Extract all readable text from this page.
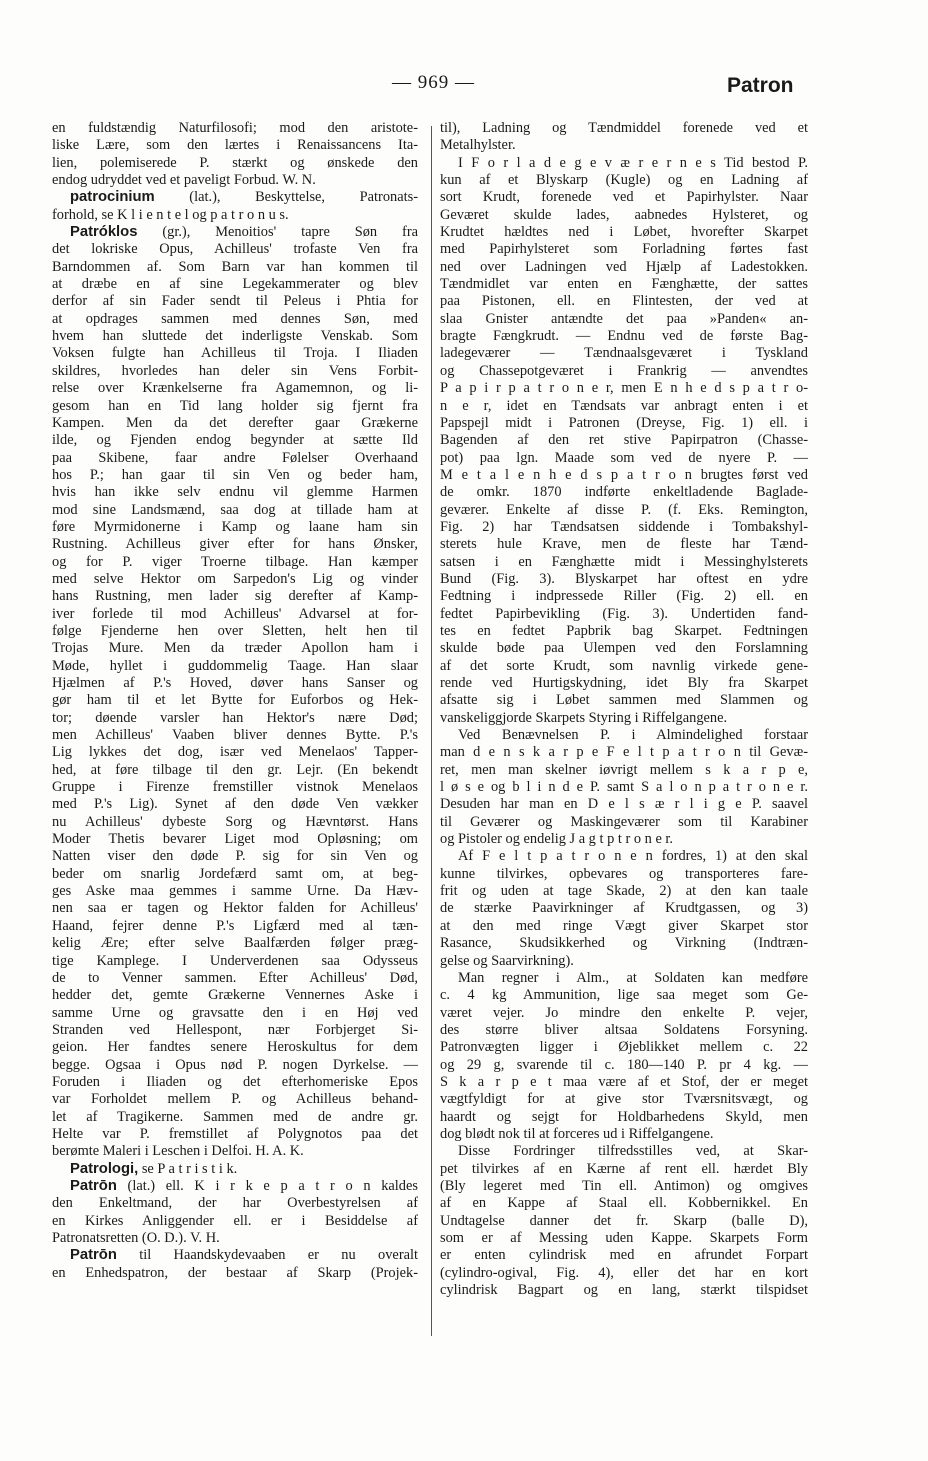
— 969 —	Patron
en fuldstændig Naturfilosofi; mod den aristote-
liske Lære, som den lærtes i Renaissancens Ita-
lien, polemiserede P. stærkt og ønskede den
endog udryddet ved et paveligt Forbud. W. N.
patrocinium (lat.), Beskyttelse, Patronats-
forhold, se K l i e n t e l og p a t r o n u s.
Patróklos (gr.), Menoitios' tapre Søn fra
det lokriske Opus, Achilleus' trofaste Ven fra
Barndommen af. Som Barn var han kommen til
at dræbe en af sine Legekammerater og blev
derfor af sin Fader sendt til Peleus i Phtia for
at opdrages sammen med dennes Søn, med
hvem han sluttede det inderligste Venskab. Som
Voksen fulgte han Achilleus til Troja. I Iliaden
skildres, hvorledes han deler sin Vens Forbit-
relse over Krænkelserne fra Agamemnon, og li-
gesom han en Tid lang holder sig fjernt fra
Kampen. Men da det derefter gaar Grækerne
ilde, og Fjenden endog begynder at sætte Ild
paa Skibene, faar andre Følelser Overhaand
hos P.; han gaar til sin Ven og beder ham,
hvis han ikke selv endnu vil glemme Harmen
mod sine Landsmænd, saa dog at tillade ham at
føre Myrmidonerne i Kamp og laane ham sin
Rustning. Achilleus giver efter for hans Ønsker,
og for P. viger Troerne tilbage. Han kæmper
med selve Hektor om Sarpedon's Lig og vinder
hans Rustning, men lader sig derefter af Kamp-
iver forlede til mod Achilleus' Advarsel at for-
følge Fjenderne hen over Sletten, helt hen til
Trojas Mure. Men da træder Apollon ham i
Møde, hyllet i guddommelig Taage. Han slaar
Hjælmen af P.'s Hoved, døver hans Sanser og
gør ham til et let Bytte for Euforbos og Hek-
tor; døende varsler han Hektor's nære Død;
men Achilleus' Vaaben bliver dennes Bytte. P.'s
Lig lykkes det dog, især ved Menelaos' Tapper-
hed, at føre tilbage til den gr. Lejr. (En bekendt
Gruppe i Firenze fremstiller vistnok Menelaos
med P.'s Lig). Synet af den døde Ven vækker
nu Achilleus' dybeste Sorg og Hævntørst. Hans
Moder Thetis bevarer Liget mod Opløsning; om
Natten viser den døde P. sig for sin Ven og
beder om snarlig Jordefærd samt om, at beg-
ges Aske maa gemmes i samme Urne. Da Hæv-
nen saa er tagen og Hektor falden for Achilleus'
Haand, fejrer denne P.'s Ligfærd med al tæn-
kelig Ære; efter selve Baalfærden følger præg-
tige Kamplege. I Underverdenen saa Odysseus
de to Venner sammen. Efter Achilleus' Død,
hedder det, gemte Grækerne Vennernes Aske i
samme Urne og gravsatte den i en Høj ved
Stranden ved Hellespont, nær Forbjerget Si-
geion. Her fandtes senere Heroskultus for dem
begge. Ogsaa i Opus nød P. nogen Dyrkelse. —
Foruden i Iliaden og det efterhomeriske Epos
var Forholdet mellem P. og Achilleus behand-
let af Tragikerne. Sammen med de andre gr.
Helte var P. fremstillet af Polygnotos paa det
berømte Maleri i Leschen i Delfoi. H. A. K.
Patrologi, se P a t r i s t i k.
Patrōn (lat.) ell. K i r k e p a t r o n kaldes
den Enkeltmand, der har Overbestyrelsen af
en Kirkes Anliggender ell. er i Besiddelse af
Patronatsretten (O. D.). V. H.
Patrōn til Haandskydevaaben er nu overalt
en Enhedspatron, der bestaar af Skarp (Projek-
til), Ladning og Tændmiddel forenede ved et
Metalhylster.
I F o r l a d e g e v æ r e r n e s Tid bestod P.
kun af et Blyskarp (Kugle) og en Ladning af
sort Krudt, forenede ved et Papirhylster. Naar
Geværet skulde lades, aabnedes Hylsteret, og
Krudtet hældtes ned i Løbet, hvorefter Skarpet
med Papirhylsteret som Forladning førtes fast
ned over Ladningen ved Hjælp af Ladestokken.
Tændmidlet var enten en Fænghætte, der sattes
paa Pistonen, ell. en Flintesten, der ved at
slaa Gnister antændte det paa »Panden« an-
bragte Fængkrudt. — Endnu ved de første Bag-
ladegeværer — Tændnaalsgeværet i Tyskland
og Chassepotgeværet i Frankrig — anvendtes
P a p i r p a t r o n e r, men E n h e d s p a t r o-
n e r, idet en Tændsats var anbragt enten i et
Papspejl midt i Patronen (Dreyse, Fig. 1) ell. i
Bagenden af den ret stive Papirpatron (Chasse-
pot) paa lgn. Maade som ved de nyere P. —
M e t a l e n h e d s p a t r o n brugtes først ved
de omkr. 1870 indførte enkeltladende Baglade-
geværer. Enkelte af disse P. (f. Eks. Remington,
Fig. 2) har Tændsatsen siddende i Tombakshyl-
sterets hule Krave, men de fleste har Tænd-
satsen i en Fænghætte midt i Messinghylsterets
Bund (Fig. 3). Blyskarpet har oftest en ydre
Fedtning i indpressede Riller (Fig. 2) ell. en
fedtet Papirbevikling (Fig. 3). Undertiden fand-
tes en fedtet Papbrik bag Skarpet. Fedtningen
skulde bøde paa Ulempen ved den Forslamning
af det sorte Krudt, som navnlig virkede gene-
rende ved Hurtigskydning, idet Bly fra Skarpet
afsatte sig i Løbet sammen med Slammen og
vanskeliggjorde Skarpets Styring i Riffelgangene.
Ved Benævnelsen P. i Almindelighed forstaar
man d e n s k a r p e F e l t p a t r o n til Gevæ-
ret, men man skelner iøvrigt mellem s k a r p e,
l ø s e og b l i n d e P. samt S a l o n p a t r o n e r.
Desuden har man en D e l s æ r l i g e P. saavel
til Geværer og Maskingeværer som til Karabiner
og Pistoler og endelig J a g t p t r o n e r.
Af F e l t p a t r o n e n fordres, 1) at den skal
kunne tilvirkes, opbevares og transporteres fare-
frit og uden at tage Skade, 2) at den kan taale
de stærke Paavirkninger af Krudtgassen, og 3)
at den med ringe Vægt giver Skarpet stor
Rasance, Skudsikkerhed og Virkning (Indtræn-
gelse og Saarvirkning).
Man regner i Alm., at Soldaten kan medføre
c. 4 kg Ammunition, lige saa meget som Ge-
været vejer. Jo mindre den enkelte P. vejer,
des større bliver altsaa Soldatens Forsyning.
Patronvægten ligger i Øjeblikket mellem c. 22
og 29 g, svarende til c. 180—140 P. pr 4 kg. —
S k a r p e t maa være af et Stof, der er meget
vægtfyldigt for at give stor Tværsnitsvægt, og
haardt og sejgt for Holdbarhedens Skyld, men
dog blødt nok til at forceres ud i Riffelgangene.
Disse Fordringer tilfredsstilles ved, at Skar-
pet tilvirkes af en Kærne af rent ell. hærdet Bly
(Bly legeret med Tin ell. Antimon) og omgives
af en Kappe af Staal ell. Kobbernikkel. En
Undtagelse danner det fr. Skarp (balle D),
som er af Messing uden Kappe. Skarpets Form
er enten cylindrisk med en afrundet Forpart
(cylindro-ogival, Fig. 4), eller det har en kort
cylindrisk Bagpart og en lang, stærkt tilspidset
